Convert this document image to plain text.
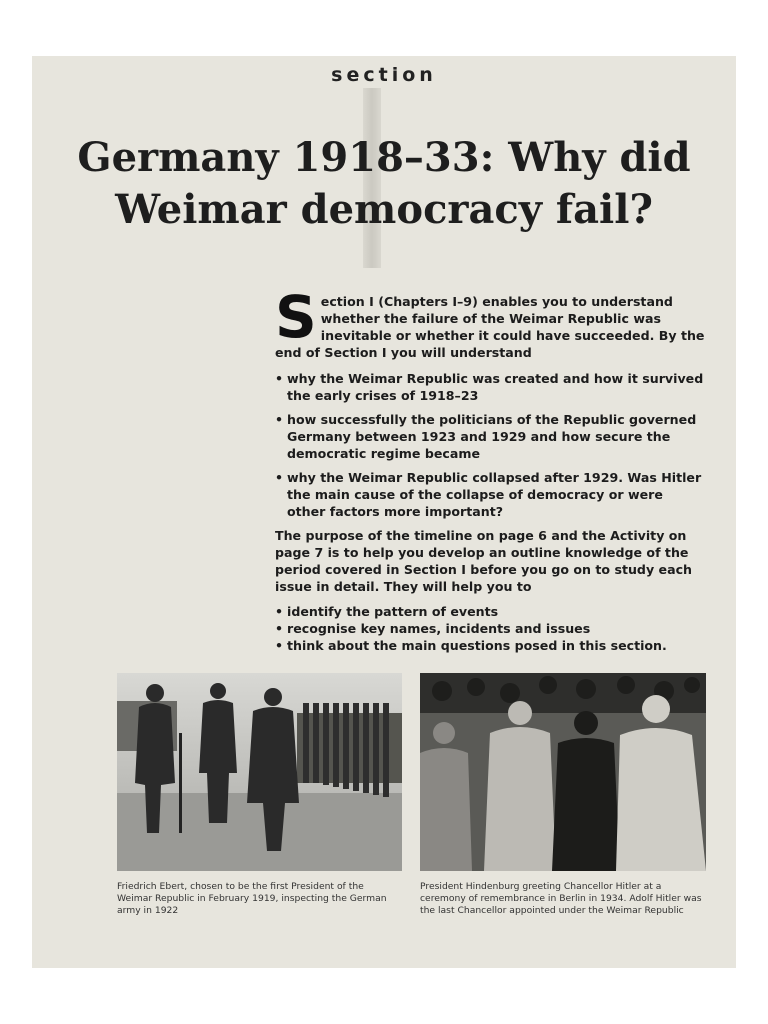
section
Germany 1918–33: Why did
Weimar democracy fail?

Section I (Chapters I–9) enables you to understand whether the failure of the Weimar Republic was inevitable or whether it could have succeeded. By the end of Section I you will understand

• why the Weimar Republic was created and how it survived the early crises of 1918–23
• how successfully the politicians of the Republic governed Germany between 1923 and 1929 and how secure the democratic regime became
• why the Weimar Republic collapsed after 1929. Was Hitler the main cause of the collapse of democracy or were other factors more important?

The purpose of the timeline on page 6 and the Activity on page 7 is to help you develop an outline knowledge of the period covered in Section I before you go on to study each issue in detail. They will help you to

• identify the pattern of events
• recognise key names, incidents and issues
• think about the main questions posed in this section.
Friedrich Ebert, chosen to be the first President of the Weimar Republic in February 1919, inspecting the German army in 1922
President Hindenburg greeting Chancellor Hitler at a ceremony of remembrance in Berlin in 1934. Adolf Hitler was the last Chancellor appointed under the Weimar Republic
